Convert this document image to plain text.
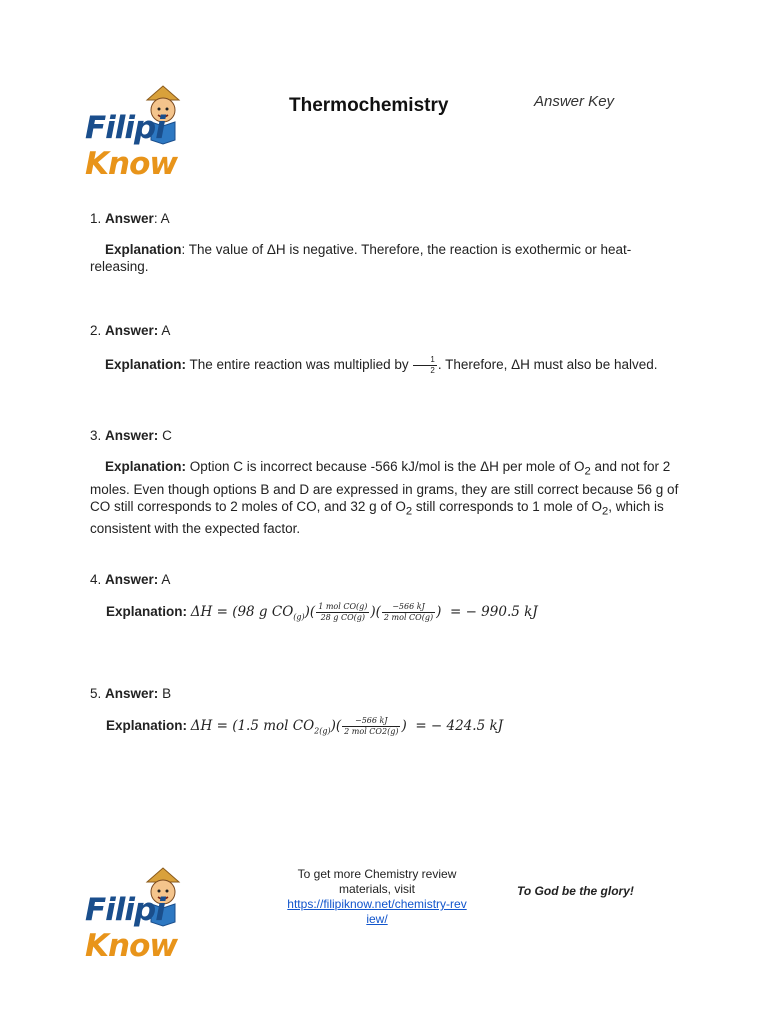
FilipiKnow
Thermochemistry	Answer Key
1. Answer: A
Explanation: The value of ΔH is negative. Therefore, the reaction is exothermic or heat-releasing.
2. Answer: A
Explanation: The entire reaction was multiplied by $\frac{1}{2}$ . Therefore, ΔH must also be halved.
3. Answer: C
Explanation: Option C is incorrect because -566 kJ/mol is the ΔH per mole of $O_2$ and not for 2 moles. Even though options B and D are expressed in grams, they are still correct because 56 g of CO still corresponds to 2 moles of CO, and 32 g of $O_2$ still corresponds to 1 mole of $O_2$, which is consistent with the expected factor.
4. Answer: A
Explanation: ΔH = (98 g $CO_{(g)})( \frac{\text{1 mol CO(g)}}{\text{28 g CO(g)}}$ )( $\frac{-566 kJ}{\text{2 mol CO(g)}}$ )  = − 990.5 kJ
5. Answer: B
Explanation: ΔH = (1.5 mol $CO_{2(g)})( \frac{-566 kJ}{\text{2 mol CO2(g)}}$ )  = − 424.5 kJ
FilipiKnow
To get more Chemistry review materials, visit
https://filipiknow.net/chemistry-review/
To God be the glory!
